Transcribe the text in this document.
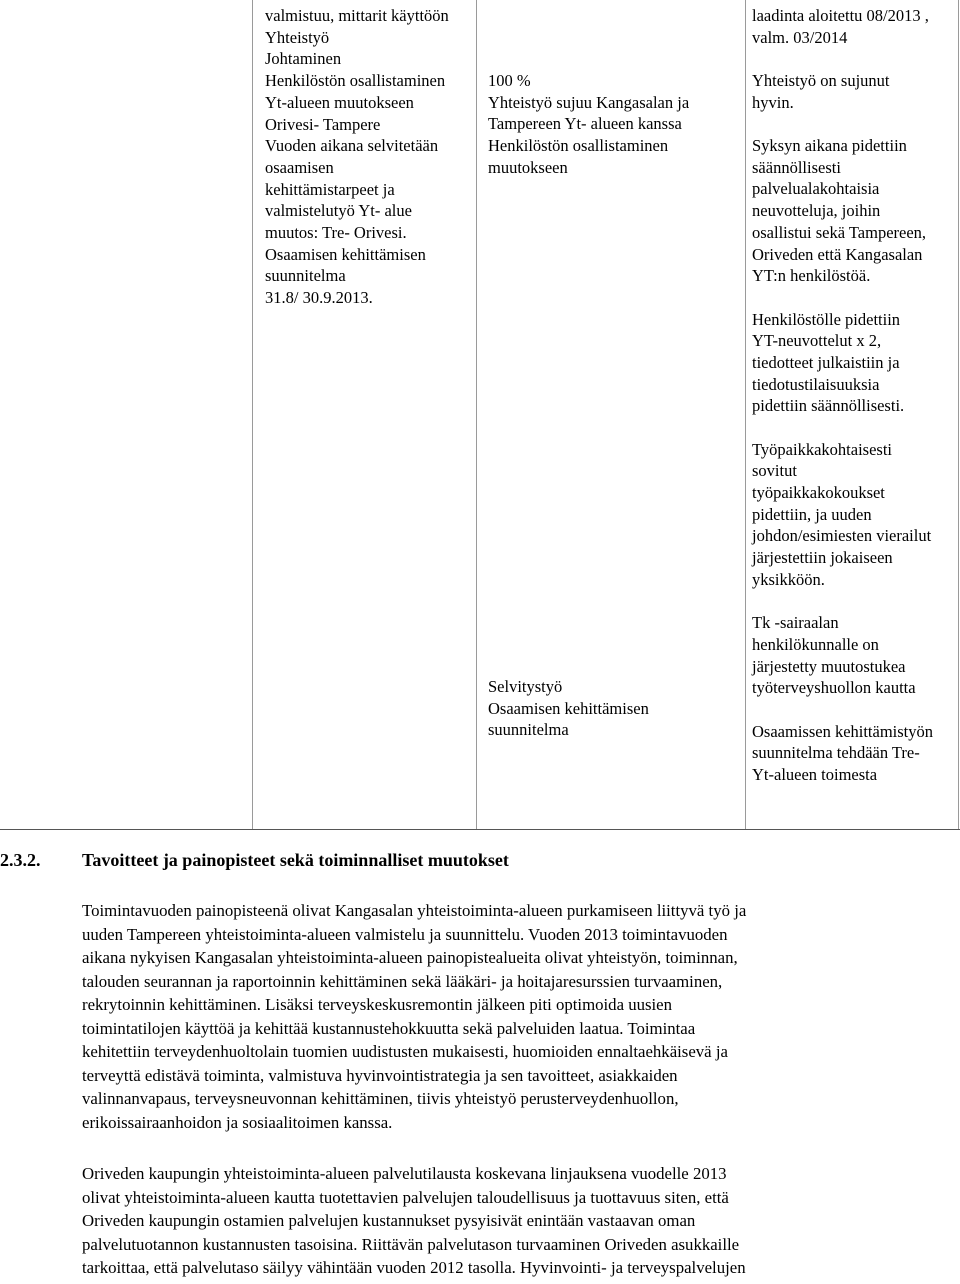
valmistuu, mittarit käyttöön
Yhteistyö
Johtaminen
Henkilöstön osallistaminen
Yt-alueen muutokseen
Orivesi- Tampere
Vuoden aikana selvitetään
osaamisen
kehittämistarpeet ja
valmistelutyö Yt- alue
muutos: Tre- Orivesi.
Osaamisen kehittämisen
suunnitelma
31.8/ 30.9.2013.
100 %
Yhteistyö sujuu Kangasalan ja
Tampereen Yt- alueen kanssa
Henkilöstön osallistaminen
muutokseen
Selvitystyö
Osaamisen kehittämisen
suunnitelma
laadinta aloitettu 08/2013 ,
valm. 03/2014
Yhteistyö on sujunut
hyvin.
Syksyn aikana pidettiin
säännöllisesti
palvelualakohtaisia
neuvotteluja, joihin
osallistui sekä Tampereen,
Oriveden että Kangasalan
YT:n henkilöstöä.
Henkilöstölle pidettiin
YT-neuvottelut x 2,
tiedotteet julkaistiin ja
tiedotustilaisuuksia
pidettiin säännöllisesti.
Työpaikkakohtaisesti
sovitut
työpaikkakokoukset
pidettiin, ja uuden
johdon/esimiesten vierailut
järjestettiin jokaiseen
yksikköön.
Tk -sairaalan
henkilökunnalle on
järjestetty muutostukea
työterveyshuollon kautta
Osaamissen kehittämistyön
suunnitelma tehdään Tre-
Yt-alueen toimesta
2.3.2. Tavoitteet ja painopisteet sekä toiminnalliset muutokset
Toimintavuoden painopisteenä olivat Kangasalan yhteistoiminta-alueen purkamiseen liittyvä työ ja
uuden Tampereen yhteistoiminta-alueen valmistelu ja suunnittelu. Vuoden 2013 toimintavuoden
aikana nykyisen Kangasalan yhteistoiminta-alueen painopistealueita olivat yhteistyön, toiminnan,
talouden seurannan ja raportoinnin kehittäminen sekä lääkäri- ja hoitajaresurssien turvaaminen,
rekrytoinnin kehittäminen. Lisäksi terveyskeskusremontin jälkeen piti optimoida uusien
toimintatilojen käyttöä ja kehittää kustannustehokkuutta sekä palveluiden laatua. Toimintaa
kehitettiin terveydenhuoltolain tuomien uudistusten mukaisesti, huomioiden ennaltaehkäisevä ja
terveyttä edistävä toiminta, valmistuva hyvinvointistrategia ja sen tavoitteet, asiakkaiden
valinnanvapaus, terveysneuvonnan kehittäminen, tiivis yhteistyö perusterveydenhuollon,
erikoissairaanhoidon ja sosiaalitoimen kanssa.
Oriveden kaupungin yhteistoiminta-alueen palvelutilausta koskevana linjauksena vuodelle 2013
olivat yhteistoiminta-alueen kautta tuotettavien palvelujen taloudellisuus ja tuottavuus siten, että
Oriveden kaupungin ostamien palvelujen kustannukset pysyisivät enintään vastaavan oman
palvelutuotannon kustannusten tasoisina. Riittävän palvelutason turvaaminen Oriveden asukkaille
tarkoittaa, että palvelutaso säilyy vähintään vuoden 2012 tasolla. Hyvinvointi- ja terveyspalvelujen
